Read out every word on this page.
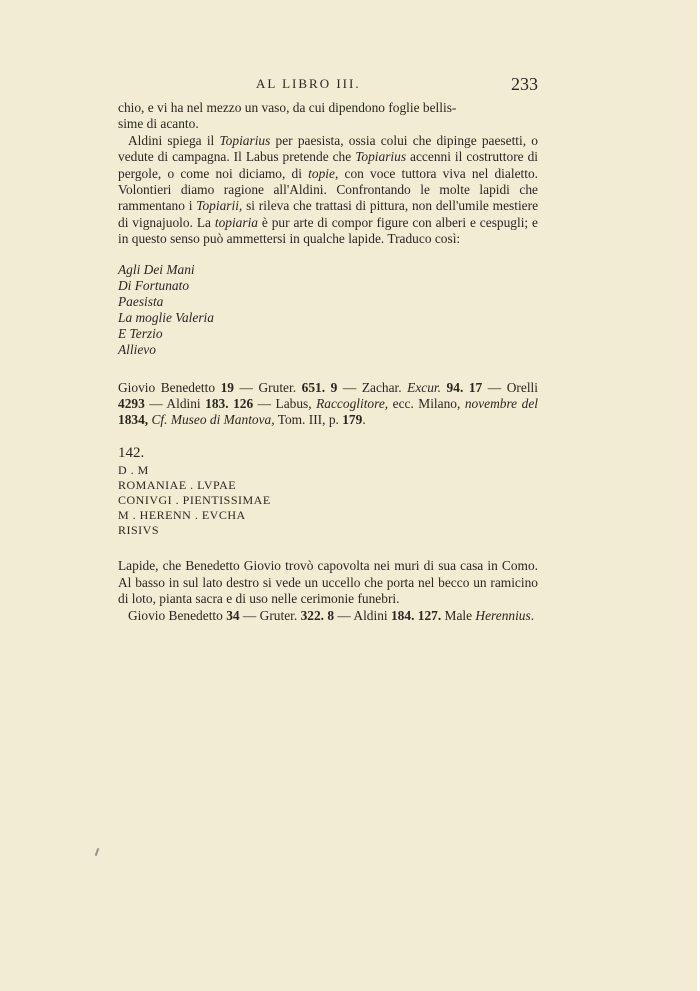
AL LIBRO III.	233

chio, e vi ha nel mezzo un vaso, da cui dipendono foglie bellis-
sime di acanto.

Aldini spiega il Topiarius per paesista, ossia colui che dipinge paesetti, o vedute di campagna. Il Labus pretende che Topiarius accenni il costruttore di pergole, o come noi diciamo, di topie, con voce tuttora viva nel dialetto. Volontieri diamo ragione all'Aldini. Confrontando le molte lapidi che rammentano i Topiarii, si rileva che trattasi di pittura, non dell'umile mestiere di vignajuolo. La topiaria è pur arte di compor figure con alberi e cespugli; e in questo senso può ammettersi in qualche lapide. Traduco così:

Agli Dei Mani
Di Fortunato
Paesista
La moglie Valeria
E Terzio
Allievo

Giovio Benedetto 19 — Gruter. 651. 9 — Zachar. Excur. 94. 17 — Orelli 4293 — Aldini 183. 126 — Labus, Raccoglitore, ecc. Milano, novembre del 1834, Cf. Museo di Mantova, Tom. III, p. 179.

142.
D . M
ROMANIAE . LVPAE
CONIVGI . PIENTISSIMAE
M . HERENN . EVCHA
RISIVS

Lapide, che Benedetto Giovio trovò capovolta nei muri di sua casa in Como. Al basso in sul lato destro si vede un uccello che porta nel becco un ramicino di loto, pianta sacra e di uso nelle cerimonie funebri.

Giovio Benedetto 34 — Gruter. 322. 8 — Aldini 184. 127. Male Herennius.
